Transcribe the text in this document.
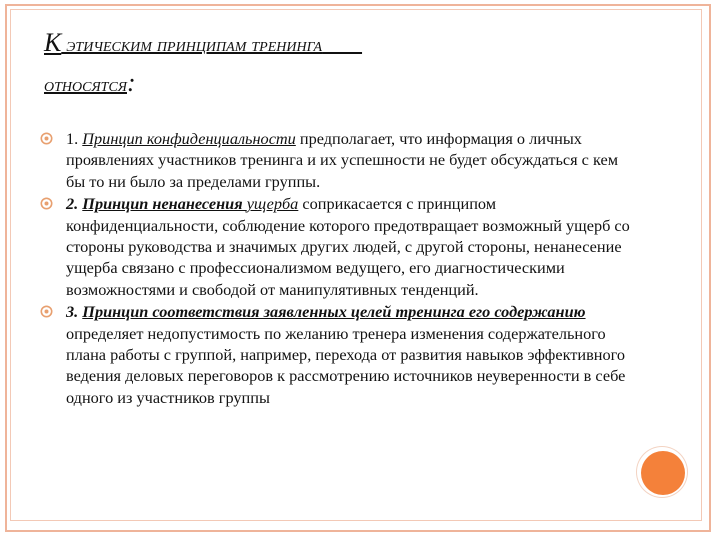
К этическим принципам тренинга
относятся:
1. Принцип конфиденциальности предполагает, что информация о личных проявлениях участников тренинга и их успешности не будет обсуждаться с кем бы то ни было за пределами группы.
2. Принцип ненанесения ущерба соприкасается с принципом конфиденциальности, соблюдение которого предотвращает возможный ущерб со стороны руководства и значимых других людей, с другой стороны, ненанесение ущерба связано с профессионализмом ведущего, его диагностическими возможностями и свободой от манипулятивных тенденций.
3. Принцип соответствия заявленных целей тренинга его содержанию определяет недопустимость по желанию тренера изменения содержательного плана работы с группой, например, перехода от развития навыков эффективного ведения деловых переговоров к рассмотрению источников неуверенности в себе одного из участников группы
